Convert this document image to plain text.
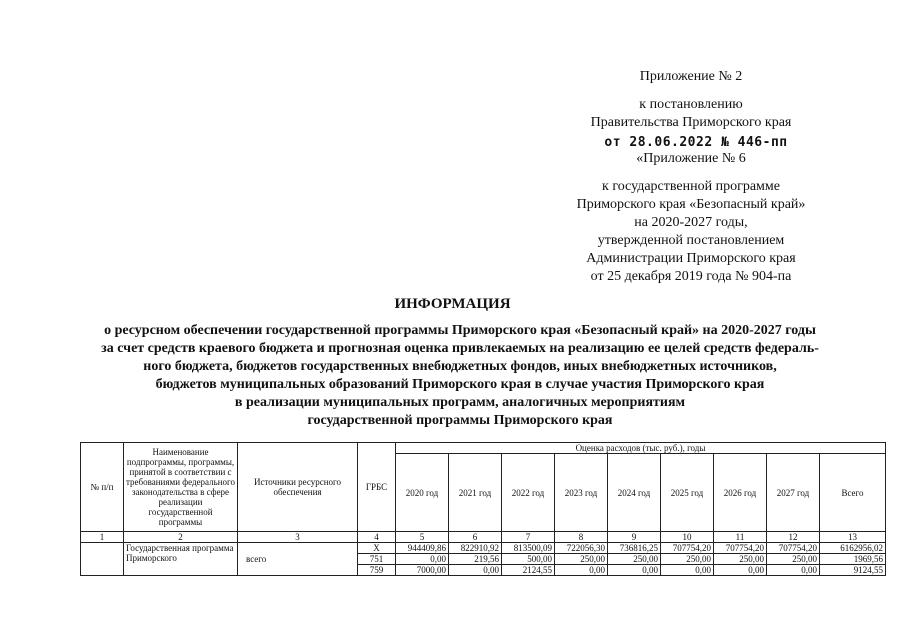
Приложение № 2
к постановлению
Правительства Приморского края
от 28.06.2022 № 446-пп
«Приложение № 6
к государственной программе
Приморского края «Безопасный край»
на 2020-2027 годы,
утвержденной постановлением
Администрации Приморского края
от 25 декабря 2019 года № 904-па
ИНФОРМАЦИЯ
о ресурсном обеспечении государственной программы Приморского края «Безопасный край» на 2020-2027 годы
за счет средств краевого бюджета и прогнозная оценка привлекаемых на реализацию ее целей средств федераль-
ного бюджета, бюджетов государственных внебюджетных фондов, иных внебюджетных источников,
бюджетов муниципальных образований Приморского края в случае участия Приморского края
в реализации муниципальных программ, аналогичных мероприятиям
государственной программы Приморского края
№ п/п	Наименование подпрограммы, программы, принятой в соответствии с требованиями федерального законодательства в сфере реализации государственной программы	Источники ресурсного обеспечения	ГРБС	Оценка расходов (тыс. руб.), годы								
				2020 год	2021 год	2022 год	2023 год	2024 год	2025 год	2026 год	2027 год	Всего
1	2	3	4	5	6	7	8	9	10	11	12	13
	Государственная программа Приморского	всего	X	944409,86	822910,92	813500,09	722056,30	736816,25	707754,20	707754,20	707754,20	6162956,02
			751	0,00	219,56	500,00	250,00	250,00	250,00	250,00	250,00	1969,56
			759	7000,00	0,00	2124,55	0,00	0,00	0,00	0,00	0,00	9124,55
